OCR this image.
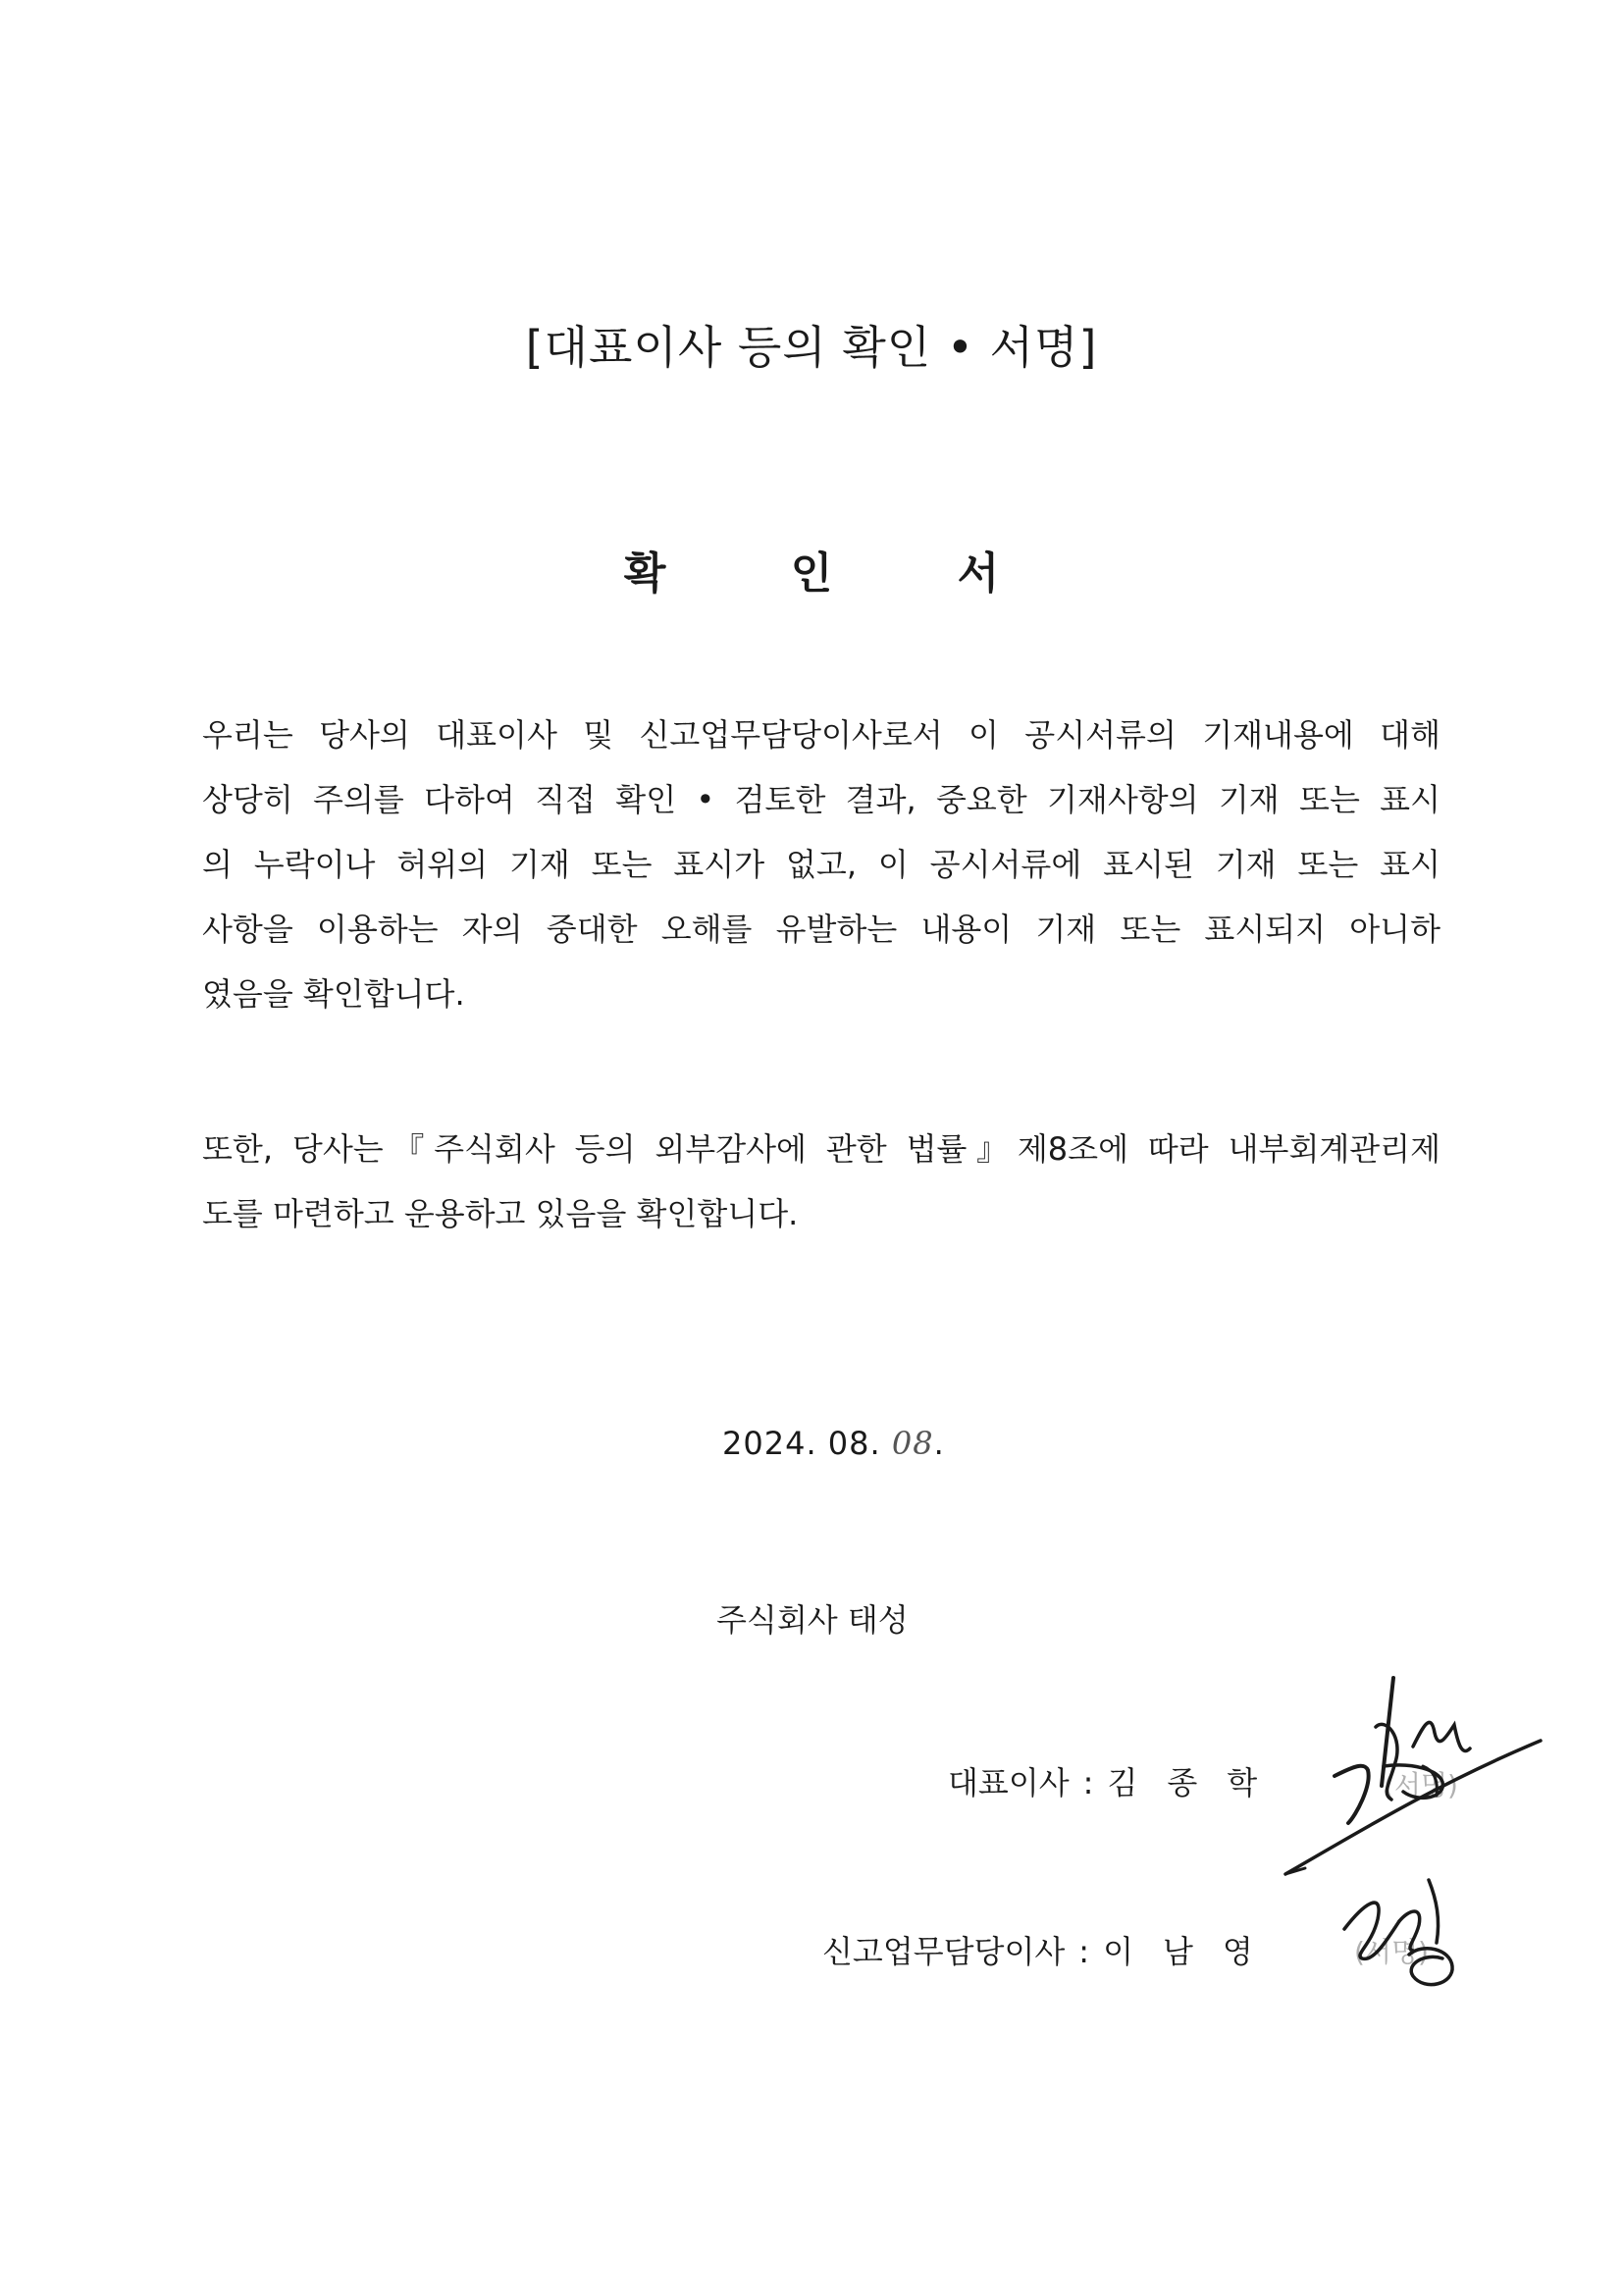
[대표이사 등의 확인 • 서명]
확	인	서
우리는 당사의 대표이사 및 신고업무담당이사로서 이 공시서류의 기재내용에 대해
상당히 주의를 다하여 직접 확인 • 검토한 결과, 중요한 기재사항의 기재 또는 표시
의 누락이나 허위의 기재 또는 표시가 없고, 이 공시서류에 표시된 기재 또는 표시
사항을 이용하는 자의 중대한 오해를 유발하는 내용이 기재 또는 표시되지 아니하
였음을 확인합니다.
또한, 당사는『주식회사 등의 외부감사에 관한 법률』제8조에 따라 내부회계관리제
도를 마련하고 운용하고 있음을 확인합니다.
2024. 08. 08.
주식회사 태성
대표이사 : 김종학	(서명)
신고업무담당이사 : 이남영	(서명)
